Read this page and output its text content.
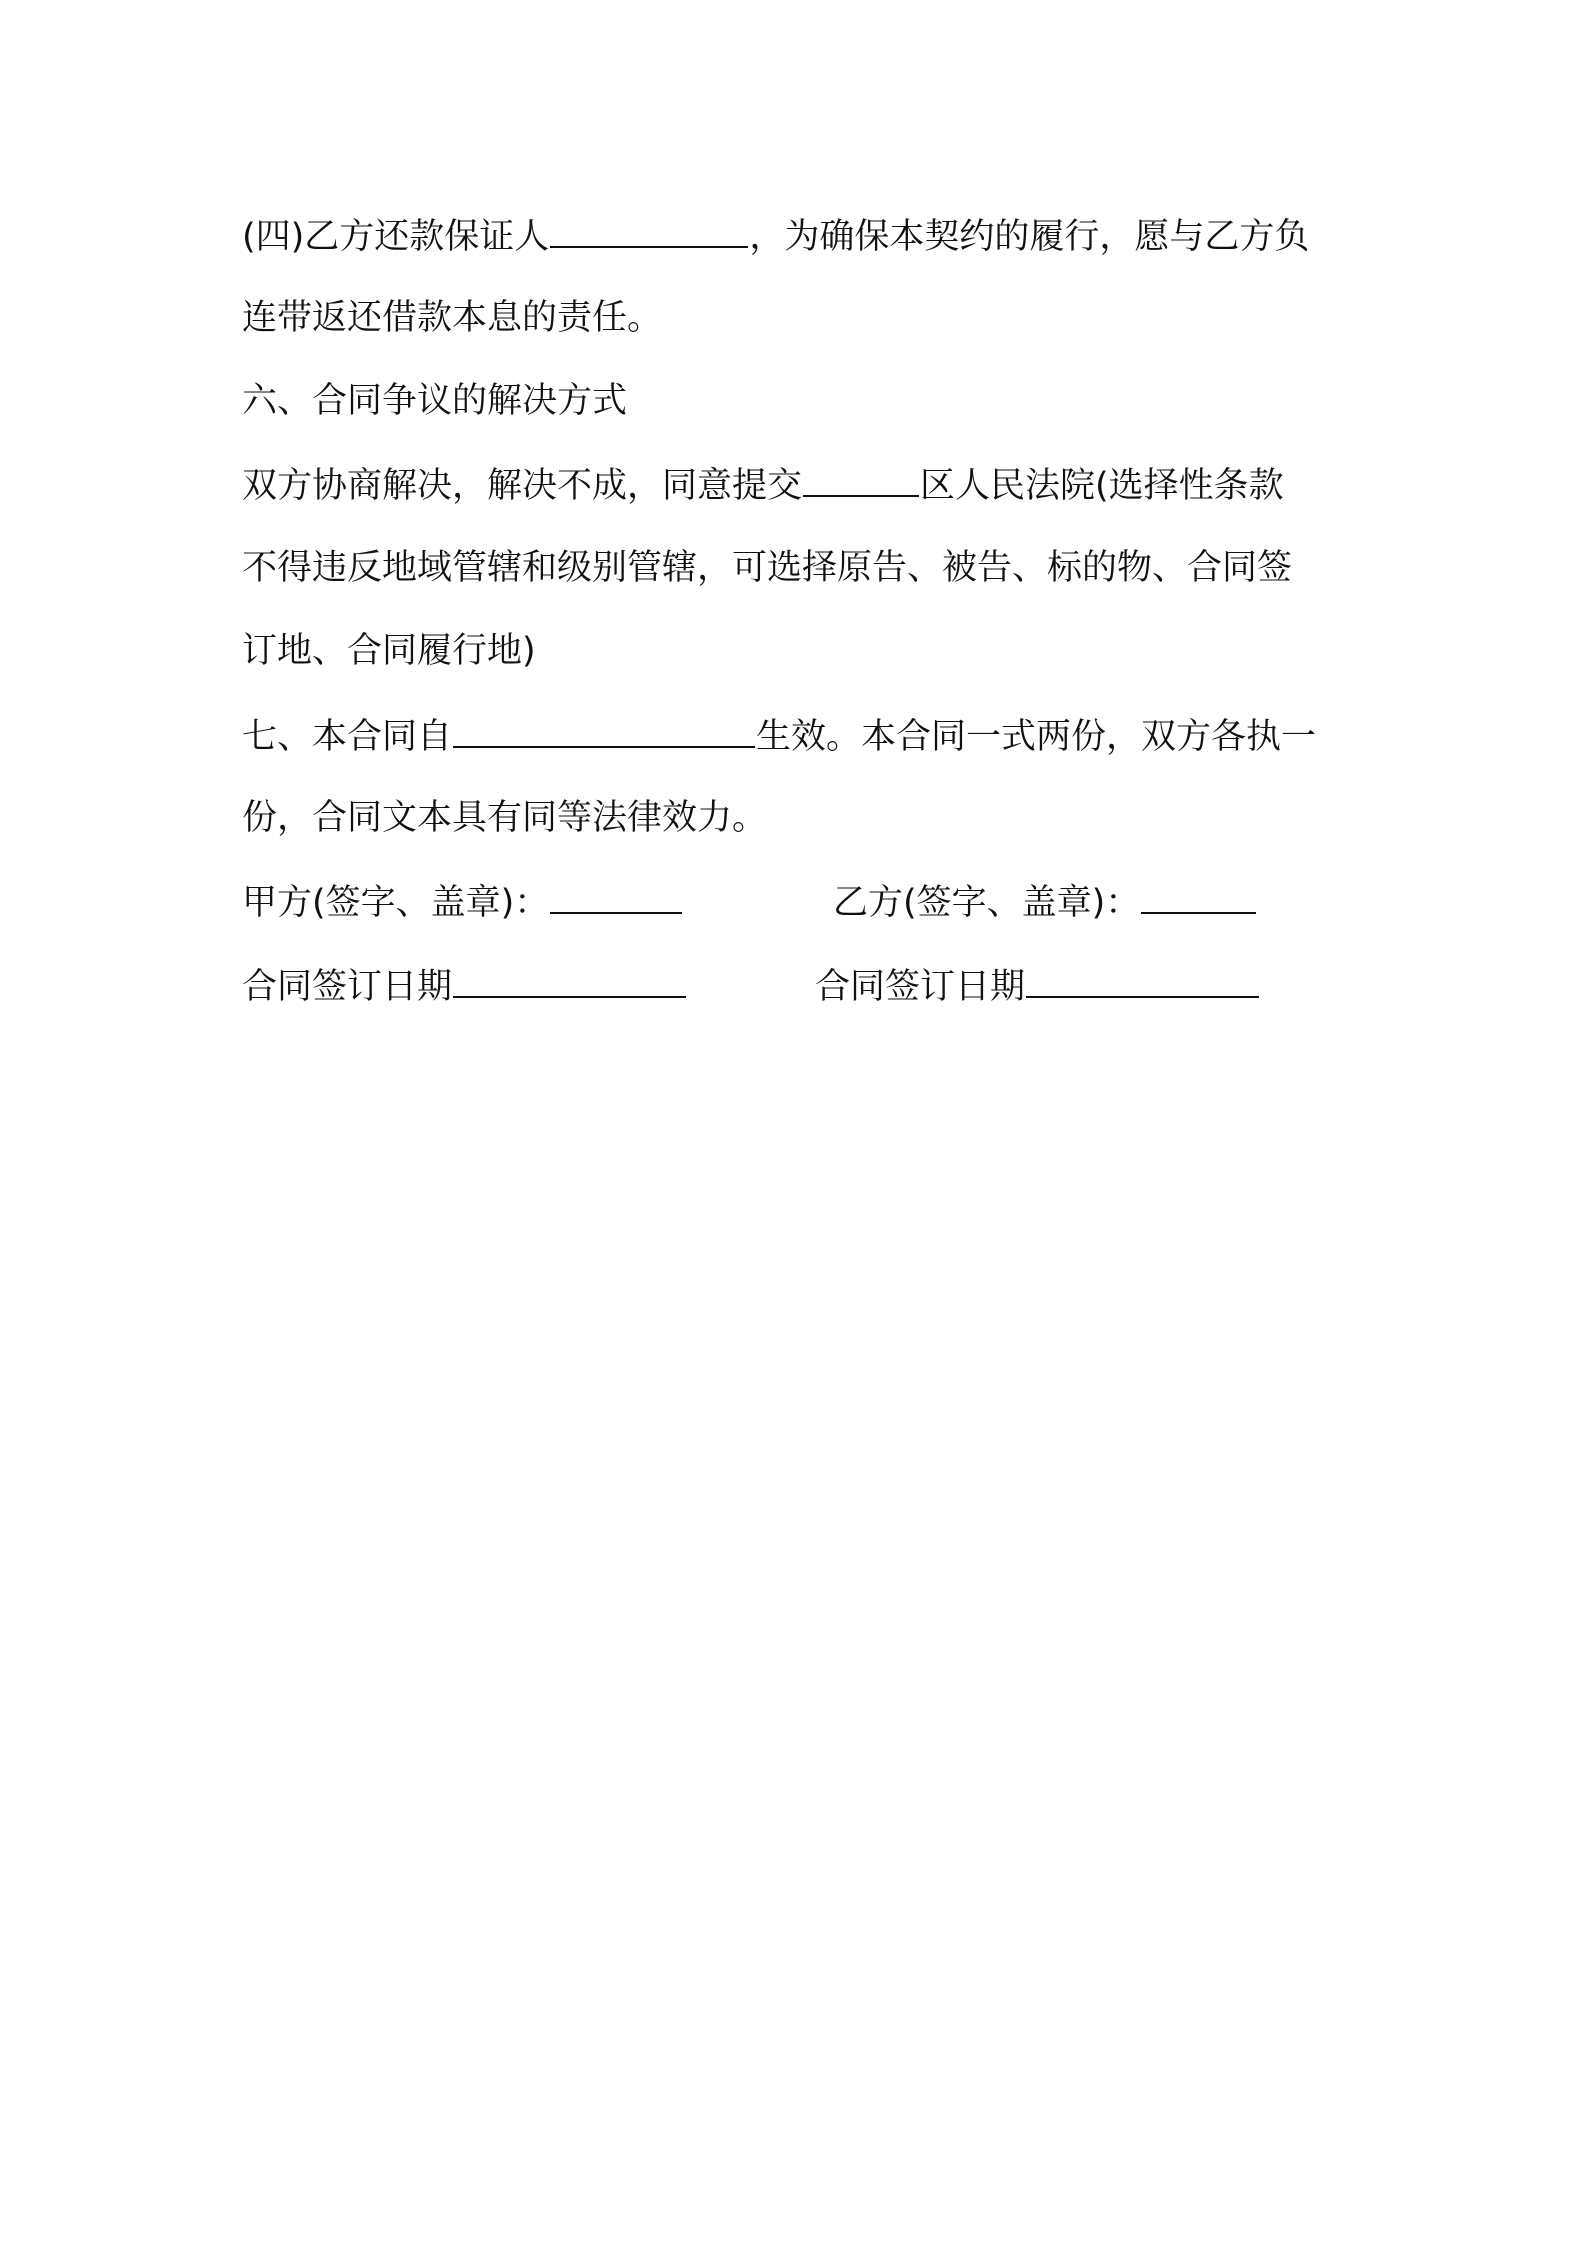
(四)乙方还款保证人	，为确保本契约的履行，愿与乙方负
连带返还借款本息的责任。
六、合同争议的解决方式
双方协商解决，解决不成，同意提交	区人民法院(选择性条款
不得违反地域管辖和级别管辖，可选择原告、被告、标的物、合同签
订地、合同履行地)
七、本合同自	生效。本合同一式两份，双方各执一
份，合同文本具有同等法律效力。
甲方(签字、盖章)：	乙方(签字、盖章)：
合同签订日期	合同签订日期
